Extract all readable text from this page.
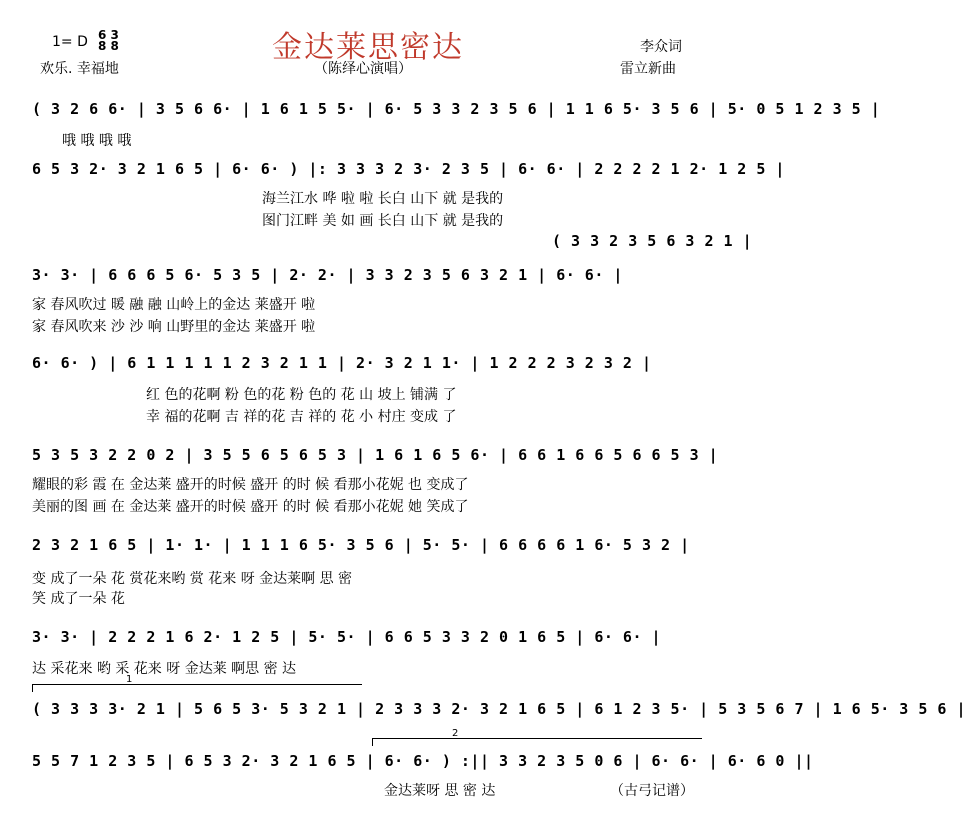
1= D 6
8 3
8
欢乐. 幸福地
金达莱思密达
（陈绎心演唱）
李众词
雷立新曲
( 3 2 6 6· | 3 5 6 6· | 1 6 1 5 5· | 6· 5 3 3 2 3 5 6 | 1 1 6 5· 3 5 6 | 5· 0 5 1 2 3 5 |
哦 哦 哦 哦
6 5 3 2· 3 2 1 6 5 | 6· 6· ) |: 3 3 3 2 3· 2 3 5 | 6· 6· | 2 2 2 2 1 2· 1 2 5 |
海兰江水 哗 啦 啦 长白 山下 就 是我的
图门江畔 美 如 画 长白 山下 就 是我的
( 3 3 2 3 5 6 3 2 1 |
3· 3· | 6 6 6 5 6· 5 3 5 | 2· 2· | 3 3 2 3 5 6 3 2 1 | 6· 6· |
家 春风吹过 暖 融 融 山岭上的金达 莱盛开 啦
家 春风吹来 沙 沙 响 山野里的金达 莱盛开 啦
6· 6· ) | 6 1 1 1 1 1 2 3 2 1 1 | 2· 3 2 1 1· | 1 2 2 2 3 2 3 2 |
红 色的花啊 粉 色的花 粉 色的 花 山 坡上 铺满 了
幸 福的花啊 吉 祥的花 吉 祥的 花 小 村庄 变成 了
5 3 5 3 2 2 0 2 | 3 5 5 6 5 6 5 3 | 1 6 1 6 5 6· | 6 6 1 6 6 5 6 6 5 3 |
耀眼的彩 霞 在 金达莱 盛开的时候 盛开 的时 候 看那小花妮 也 变成了
美丽的图 画 在 金达莱 盛开的时候 盛开 的时 候 看那小花妮 她 笑成了
2 3 2 1 6 5 | 1· 1· | 1 1 1 6 5· 3 5 6 | 5· 5· | 6 6 6 6 1 6· 5 3 2 |
变 成了一朵 花 赏花来哟 赏 花来 呀 金达莱啊 思 密
笑 成了一朵 花
3· 3· | 2 2 2 1 6 2· 1 2 5 | 5· 5· | 6 6 5 3 3 2 0 1 6 5 | 6· 6· |
达 采花来 哟 采 花来 呀 金达莱 啊思 密 达
1
( 3 3 3 3· 2 1 | 5 6 5 3· 5 3 2 1 | 2 3 3 3 2· 3 2 1 6 5 | 6 1 2 3 5· | 5 3 5 6 7 | 1 6 5· 3 5 6 |
5 5 7 1 2 3 5 | 6 5 3 2· 3 2 1 6 5 | 6· 6· ) :|| 3 3 2 3 5 0 6 | 6· 6· | 6· 6 0 ||
2
金达莱呀 思 密 达	（古弓记谱）
